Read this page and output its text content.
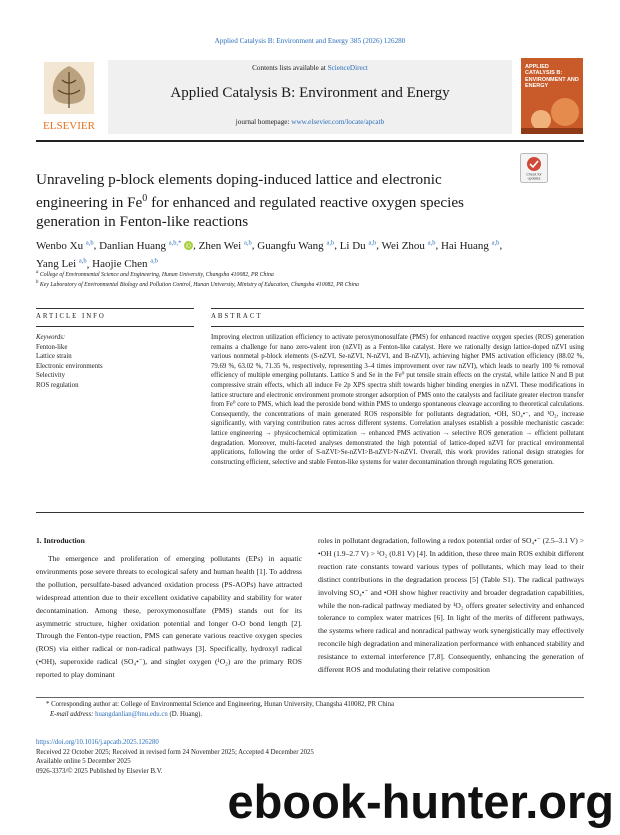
Applied Catalysis B: Environment and Energy 385 (2026) 126280
ELSEVIER
Contents lists available at ScienceDirect
Applied Catalysis B: Environment and Energy
journal homepage: www.elsevier.com/locate/apcatb
APPLIED CATALYSIS B: ENVIRONMENT AND ENERGY
Check for
updates
Unraveling p-block elements doping-induced lattice and electronic
engineering in Fe$^0$ for enhanced and regulated reactive oxygen species
generation in Fenton-like reactions
Wenbo Xu $^{a,b}$, Danlian Huang $^{a,b,*}$
iD , Zhen Wei $^{a,b}$, Guangfu Wang $^{a,b}$, Li Du $^{a,b}$, Wei Zhou $^{a,b}$, Hai Huang $^{a,b}$, Yang Lei $^{a,b}$, Haojie Chen $^{a,b}$
$^a$ College of Environmental Science and Engineering, Hunan University, Changsha 410082, PR China
$^b$ Key Laboratory of Environmental Biology and Pollution Control, Hunan University, Ministry of Education, Changsha 410082, PR China
ARTICLE INFO	ABSTRACT
Keywords:
Fenton-like
Lattice strain
Electronic environments
Selectivity
ROS regulation
Improving electron utilization efficiency to activate peroxymonosulfate (PMS) for enhanced reactive oxygen species (ROS) generation remains a challenge for nano zero-valent iron (nZVI) as a Fenton-like catalyst. Here we rationally design lattice-doped nZVI using various nonmetal p-block elements (S-nZVI, Se-nZVI, N-nZVI, and B-nZVI), achieving higher PMS activation efficiency (88.02 %, 79.69 %, 63.02 %, 71.35 %, respectively, representing 3–4 times improvement over raw nZVI), which leads to nearly 100 % removal efficiency of multiple emerging pollutants. Lattice S and Se in the Fe⁰ put tensile strain effects on the crystal, while lattice N and B put compressive strain effects, which all induce Fe 2p XPS spectra shift towards higher binding energies in nZVI. These modifications in lattice structure and electronic environment promote stronger adsorption of PMS onto the catalysts and facilitate greater electron transfer from Fe⁰ core to PMS, which lead the peroxide bond within PMS to undergo spontaneous cleavage according to theoretical calculations. Consequently, the concentrations of main generated ROS responsible for pollutants degradation, •OH, SO₄•⁻, and ¹O₂, increase significantly, with varying contribution rates across different systems. Correlation analyses establish a possible mechanistic cascade: lattice engineering → physicochemical optimization → enhanced PMS activation → selective ROS generation → efficient pollutant degradation. Moreover, multi-faceted analyses demonstrated the high potential of lattice-doped nZVI for practical environmental applications, following the order of S-nZVI>Se-nZVI>B-nZVI>N-nZVI. Overall, this work provides rational design strategies for constructing efficient, selective and stable Fenton-like systems for water decontamination through regulating ROS generation.
1. Introduction
The emergence and proliferation of emerging pollutants (EPs) in aquatic environments pose severe threats to ecological safety and human health [1]. To address the pollution, persulfate-based advanced oxidation process (PS-AOPs) have attracted widespread attention due to their excellent oxidative capability and stability for water decontamination. Among these, peroxymonosulfate (PMS) stands out for its asymmetric structure, higher oxidation potential and longer O-O bond length [2]. Through the Fenton-type reaction, PMS can generate various reactive oxygen species (ROS) via either radical or non-radical pathways [3]. Specifically, hydroxyl radical (•OH), superoxide radical (SO₄•⁻), and singlet oxygen (¹O₂) are the primary ROS reported to play dominant
roles in pollutant degradation, following a redox potential order of SO₄•⁻ (2.5–3.1 V) > •OH (1.9–2.7 V) > ¹O₂ (0.81 V) [4]. In addition, these three main ROS exhibit different reaction rate constants toward various types of pollutants, which may lead to their distinct contributions in the degradation process [5] (Table S1). The radical pathways involving SO₄•⁻ and •OH show higher reactivity and broader degradation capabilities, while the non-radical pathway mediated by ¹O₂ offers greater selectivity and enhanced tolerance to complex water matrices [6]. In light of the merits of different pathways, the systems where radical and nonradical pathway work synergistically may effectively reconcile high degradation and mineralization performance with enhanced stability and resistance to external interference [7,8]. Consequently, enhancing the generation of different ROS and modulating their relative composition
* Corresponding author at: College of Environmental Science and Engineering, Hunan University, Changsha 410082, PR China
E-mail address: huangdanlian@hnu.edu.cn (D. Huang).
https://doi.org/10.1016/j.apcatb.2025.126280
Received 22 October 2025; Received in revised form 24 November 2025; Accepted 4 December 2025
Available online 5 December 2025
0926-3373/© 2025 Published by Elsevier B.V.
ebook-hunter.org
